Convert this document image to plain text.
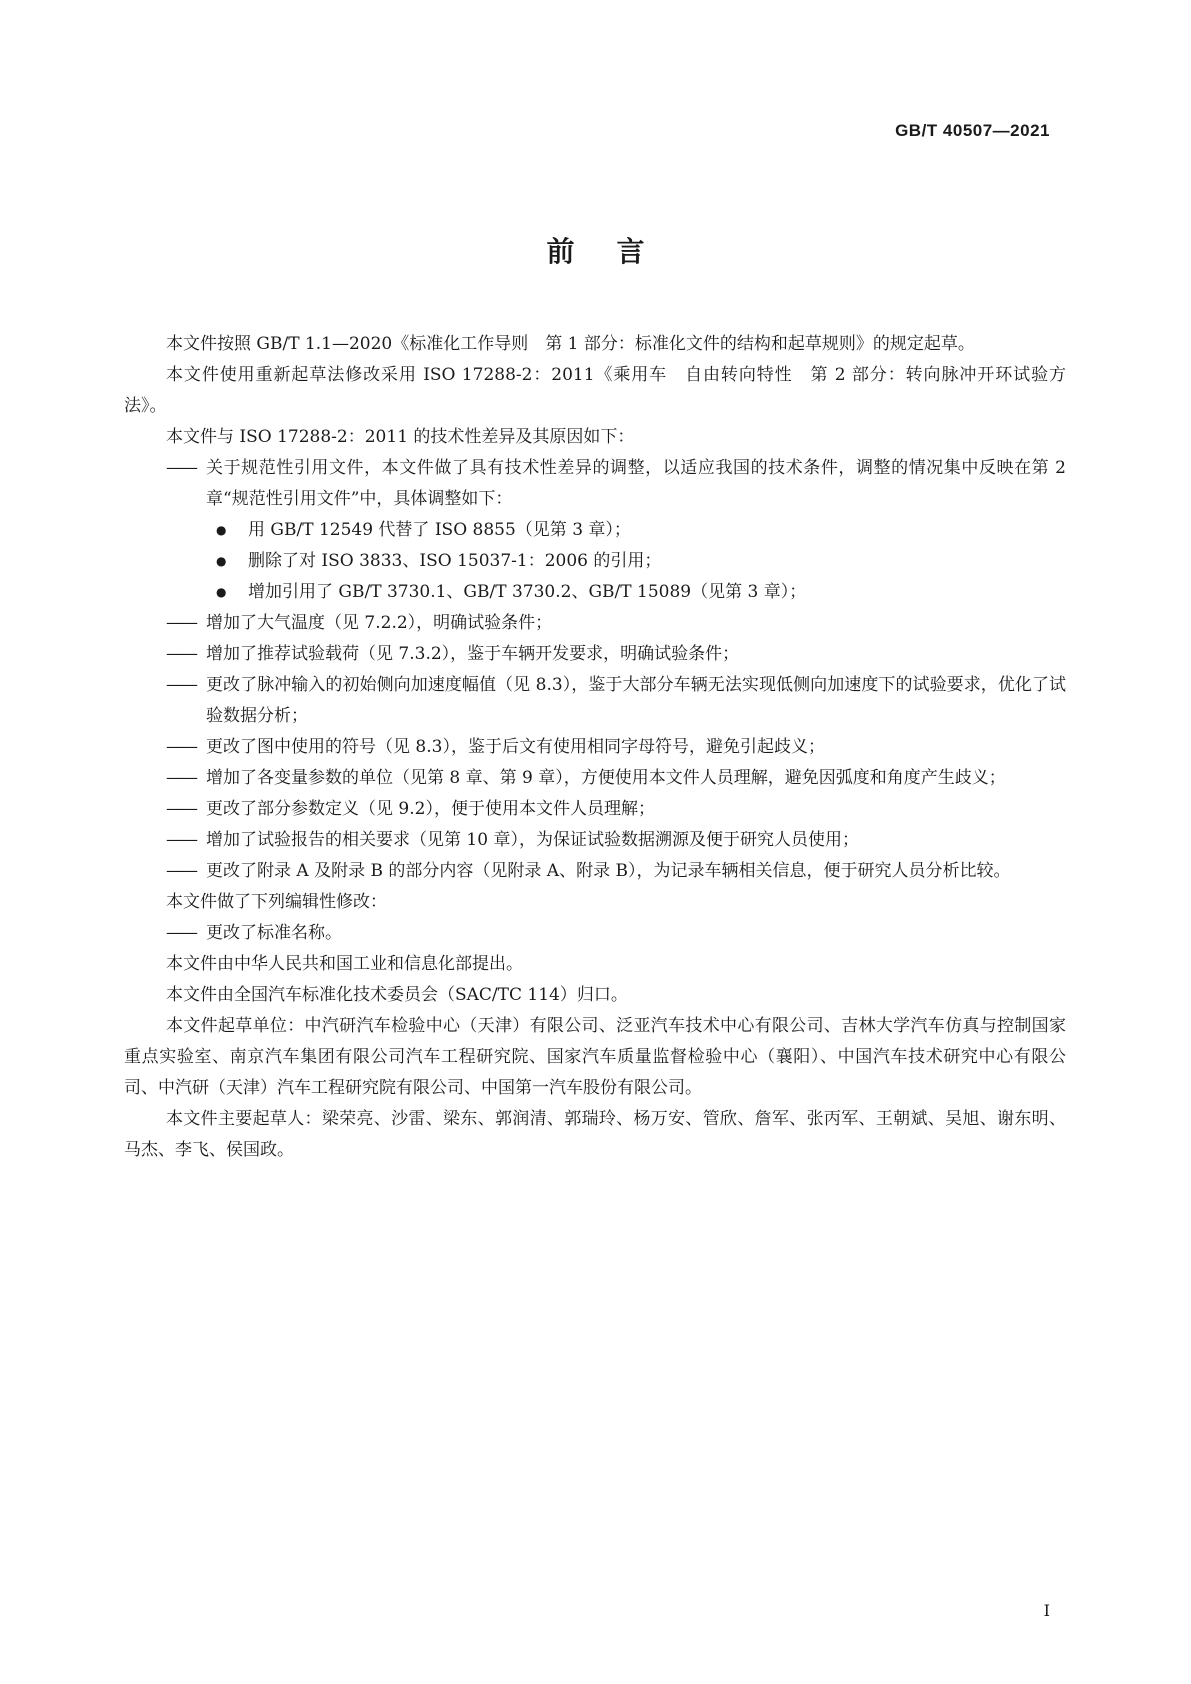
GB/T 40507—2021
前言

本文件按照 GB/T 1.1—2020《标准化工作导则　第 1 部分：标准化文件的结构和起草规则》的规定起草。

本文件使用重新起草法修改采用 ISO 17288-2：2011《乘用车　自由转向特性　第 2 部分：转向脉冲开环试验方法》。

本文件与 ISO 17288-2：2011 的技术性差异及其原因如下：

—— 关于规范性引用文件，本文件做了具有技术性差异的调整，以适应我国的技术条件，调整的情况集中反映在第 2 章“规范性引用文件”中，具体调整如下：
●	用 GB/T 12549 代替了 ISO 8855（见第 3 章）；
●	删除了对 ISO 3833、ISO 15037-1：2006 的引用；
●	增加引用了 GB/T 3730.1、GB/T 3730.2、GB/T 15089（见第 3 章）；
—— 增加了大气温度（见 7.2.2），明确试验条件；
—— 增加了推荐试验载荷（见 7.3.2），鉴于车辆开发要求，明确试验条件；
—— 更改了脉冲输入的初始侧向加速度幅值（见 8.3），鉴于大部分车辆无法实现低侧向加速度下的试验要求，优化了试验数据分析；
—— 更改了图中使用的符号（见 8.3），鉴于后文有使用相同字母符号，避免引起歧义；
—— 增加了各变量参数的单位（见第 8 章、第 9 章），方便使用本文件人员理解，避免因弧度和角度产生歧义；
—— 更改了部分参数定义（见 9.2），便于使用本文件人员理解；
—— 增加了试验报告的相关要求（见第 10 章），为保证试验数据溯源及便于研究人员使用；
—— 更改了附录 A 及附录 B 的部分内容（见附录 A、附录 B），为记录车辆相关信息，便于研究人员分析比较。

本文件做了下列编辑性修改：

—— 更改了标准名称。

本文件由中华人民共和国工业和信息化部提出。

本文件由全国汽车标准化技术委员会（SAC/TC 114）归口。

本文件起草单位：中汽研汽车检验中心（天津）有限公司、泛亚汽车技术中心有限公司、吉林大学汽车仿真与控制国家重点实验室、南京汽车集团有限公司汽车工程研究院、国家汽车质量监督检验中心（襄阳）、中国汽车技术研究中心有限公司、中汽研（天津）汽车工程研究院有限公司、中国第一汽车股份有限公司。

本文件主要起草人：梁荣亮、沙雷、梁东、郭润清、郭瑞玲、杨万安、管欣、詹军、张丙军、王朝斌、吴旭、谢东明、马杰、李飞、侯国政。

I
